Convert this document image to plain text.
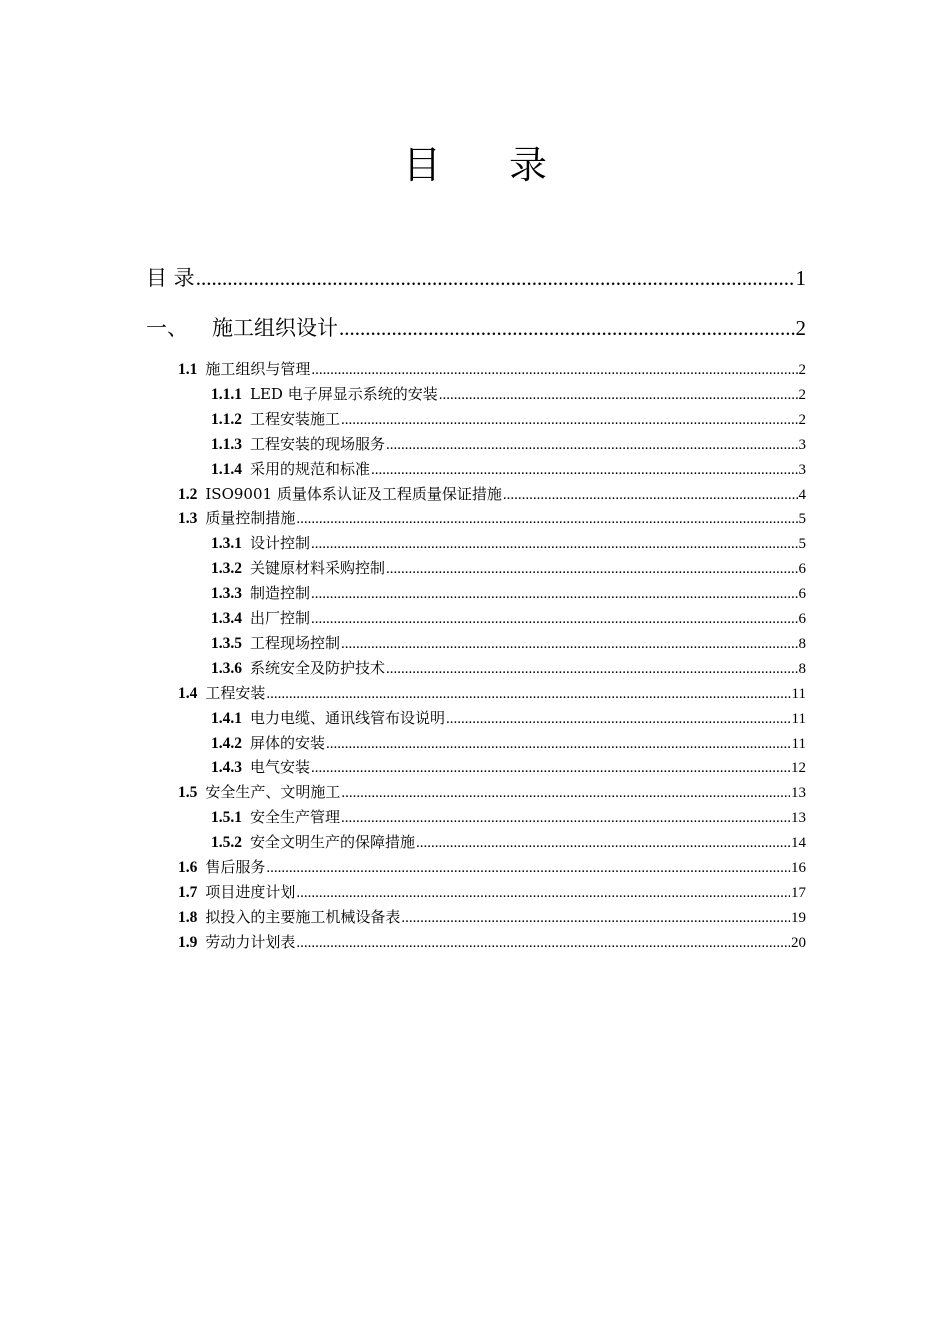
目 录
目 录 .....	1
一、	施工组织设计 .....	2
1.1 施工组织与管理 .....	2
1.1.1 LED 电子屏显示系统的安装 .....	2
1.1.2 工程安装施工 .....	2
1.1.3 工程安装的现场服务 .....	3
1.1.4 采用的规范和标准 .....	3
1.2 ISO9001 质量体系认证及工程质量保证措施 .....	4
1.3 质量控制措施 .....	5
1.3.1 设计控制 .....	5
1.3.2 关键原材料采购控制 .....	6
1.3.3 制造控制 .....	6
1.3.4 出厂控制 .....	6
1.3.5 工程现场控制 .....	8
1.3.6 系统安全及防护技术 .....	8
1.4 工程安装 .....	11
1.4.1 电力电缆、通讯线管布设说明 .....	11
1.4.2 屏体的安装 .....	11
1.4.3 电气安装 .....	12
1.5 安全生产、文明施工 .....	13
1.5.1 安全生产管理 .....	13
1.5.2 安全文明生产的保障措施 .....	14
1.6 售后服务 .....	16
1.7 项目进度计划 .....	17
1.8 拟投入的主要施工机械设备表 .....	19
1.9 劳动力计划表 .....	20
